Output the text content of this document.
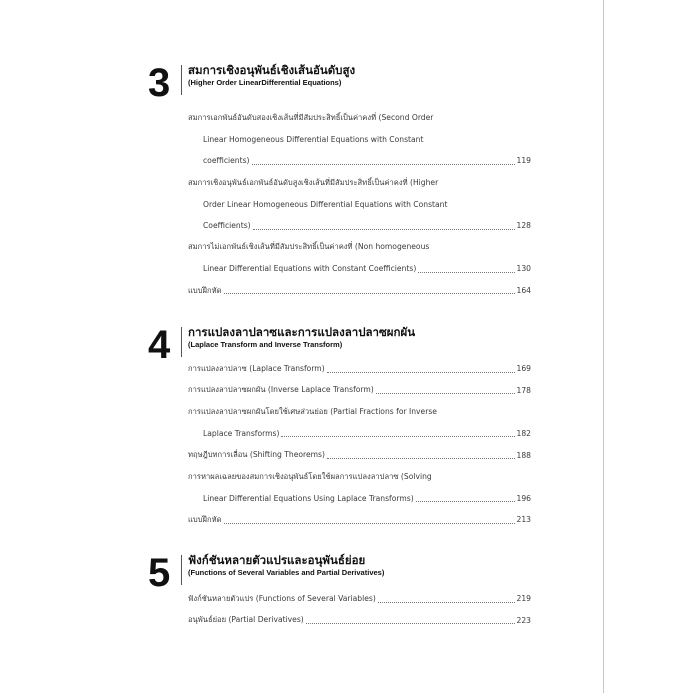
3	สมการเชิงอนุพันธ์เชิงเส้นอันดับสูง
(Higher Order LinearDifferential Equations)
สมการเอกพันธ์อันดับสองเชิงเส้นที่มีสัมประสิทธิ์เป็นค่าคงที่ (Second Order
Linear Homogeneous Differential Equations with Constant
coefficients)	119
สมการเชิงอนุพันธ์เอกพันธ์อันดับสูงเชิงเส้นที่มีสัมประสิทธิ์เป็นค่าคงที่ (Higher
Order Linear Homogeneous Differential Equations with Constant
Coefficients)	128
สมการไม่เอกพันธ์เชิงเส้นที่มีสัมประสิทธิ์เป็นค่าคงที่ (Non homogeneous
Linear Differential Equations with Constant Coefficients)	130
แบบฝึกหัด	164
4	การแปลงลาปลาซและการแปลงลาปลาซผกผัน
(Laplace Transform and Inverse Transform)
การแปลงลาปลาซ (Laplace Transform)	169
การแปลงลาปลาซผกผัน (Inverse Laplace Transform)	178
การแปลงลาปลาซผกผันโดยใช้เศษส่วนย่อย (Partial Fractions for Inverse
Laplace Transforms)	182
ทฤษฎีบทการเลื่อน (Shifting Theorems)	188
การหาผลเฉลยของสมการเชิงอนุพันธ์โดยใช้ผลการแปลงลาปลาซ (Solving
Linear Differential Equations Using Laplace Transforms)	196
แบบฝึกหัด	213
5	ฟังก์ชันหลายตัวแปรและอนุพันธ์ย่อย
(Functions of Several Variables and Partial Derivatives)
ฟังก์ชันหลายตัวแปร (Functions of Several Variables)	219
อนุพันธ์ย่อย (Partial Derivatives)	223
